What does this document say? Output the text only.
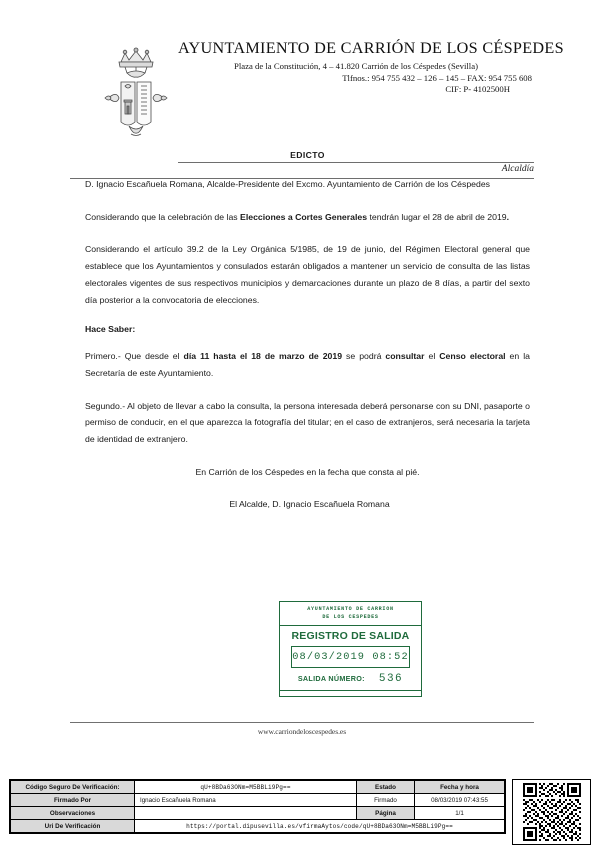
AYUNTAMIENTO DE CARRIÓN DE LOS CÉSPEDES
Plaza de la Constitución, 4 – 41.820 Carrión de los Céspedes (Sevilla)
Tlfnos.: 954 755 432 – 126 – 145 – FAX: 954 755 608
CIF: P- 4102500H
Alcaldía
EDICTO

D. Ignacio Escañuela Romana, Alcalde-Presidente del Excmo. Ayuntamiento de Carrión de los Céspedes

Considerando que la celebración de las Elecciones a Cortes Generales tendrán lugar el 28 de abril de 2019.

Considerando el artículo 39.2 de la Ley Orgánica 5/1985, de 19 de junio, del Régimen Electoral general que establece que los Ayuntamientos y consulados estarán obligados a mantener un servicio de consulta de las listas electorales vigentes de sus respectivos municipios y demarcaciones durante un plazo de 8 días, a partir del sexto día posterior a la convocatoria de elecciones.

Hace Saber:

Primero.- Que desde el día 11 hasta el 18 de marzo de 2019 se podrá consultar el Censo electoral en la Secretaría de este Ayuntamiento.

Segundo.- Al objeto de llevar a cabo la consulta, la persona interesada deberá personarse con su DNI, pasaporte o permiso de conducir, en el que aparezca la fotografía del titular; en el caso de extranjeros, será necesaria la tarjeta de identidad de extranjero.

En Carrión de los Céspedes en la fecha que consta al pié.

El Alcalde, D. Ignacio Escañuela Romana

AYUNTAMIENTO DE CARRION
DE LOS CESPEDES
REGISTRO DE SALIDA
08/03/2019 08:52
SALIDA NÚMERO: 536
www.carriondeloscespedes.es
Código Seguro De Verificación:	qU+8BDa63ONm=M5BBLi9Pg==	Estado	Fecha y hora
Firmado Por	Ignacio Escañuela Romana	Firmado	08/03/2019 07:43:55
Observaciones		Página	1/1
Uri De Verificación	https://portal.dipusevilla.es/vfirmaAytos/code/qU+8BDa63ONm=M5BBLi9Pg==		
